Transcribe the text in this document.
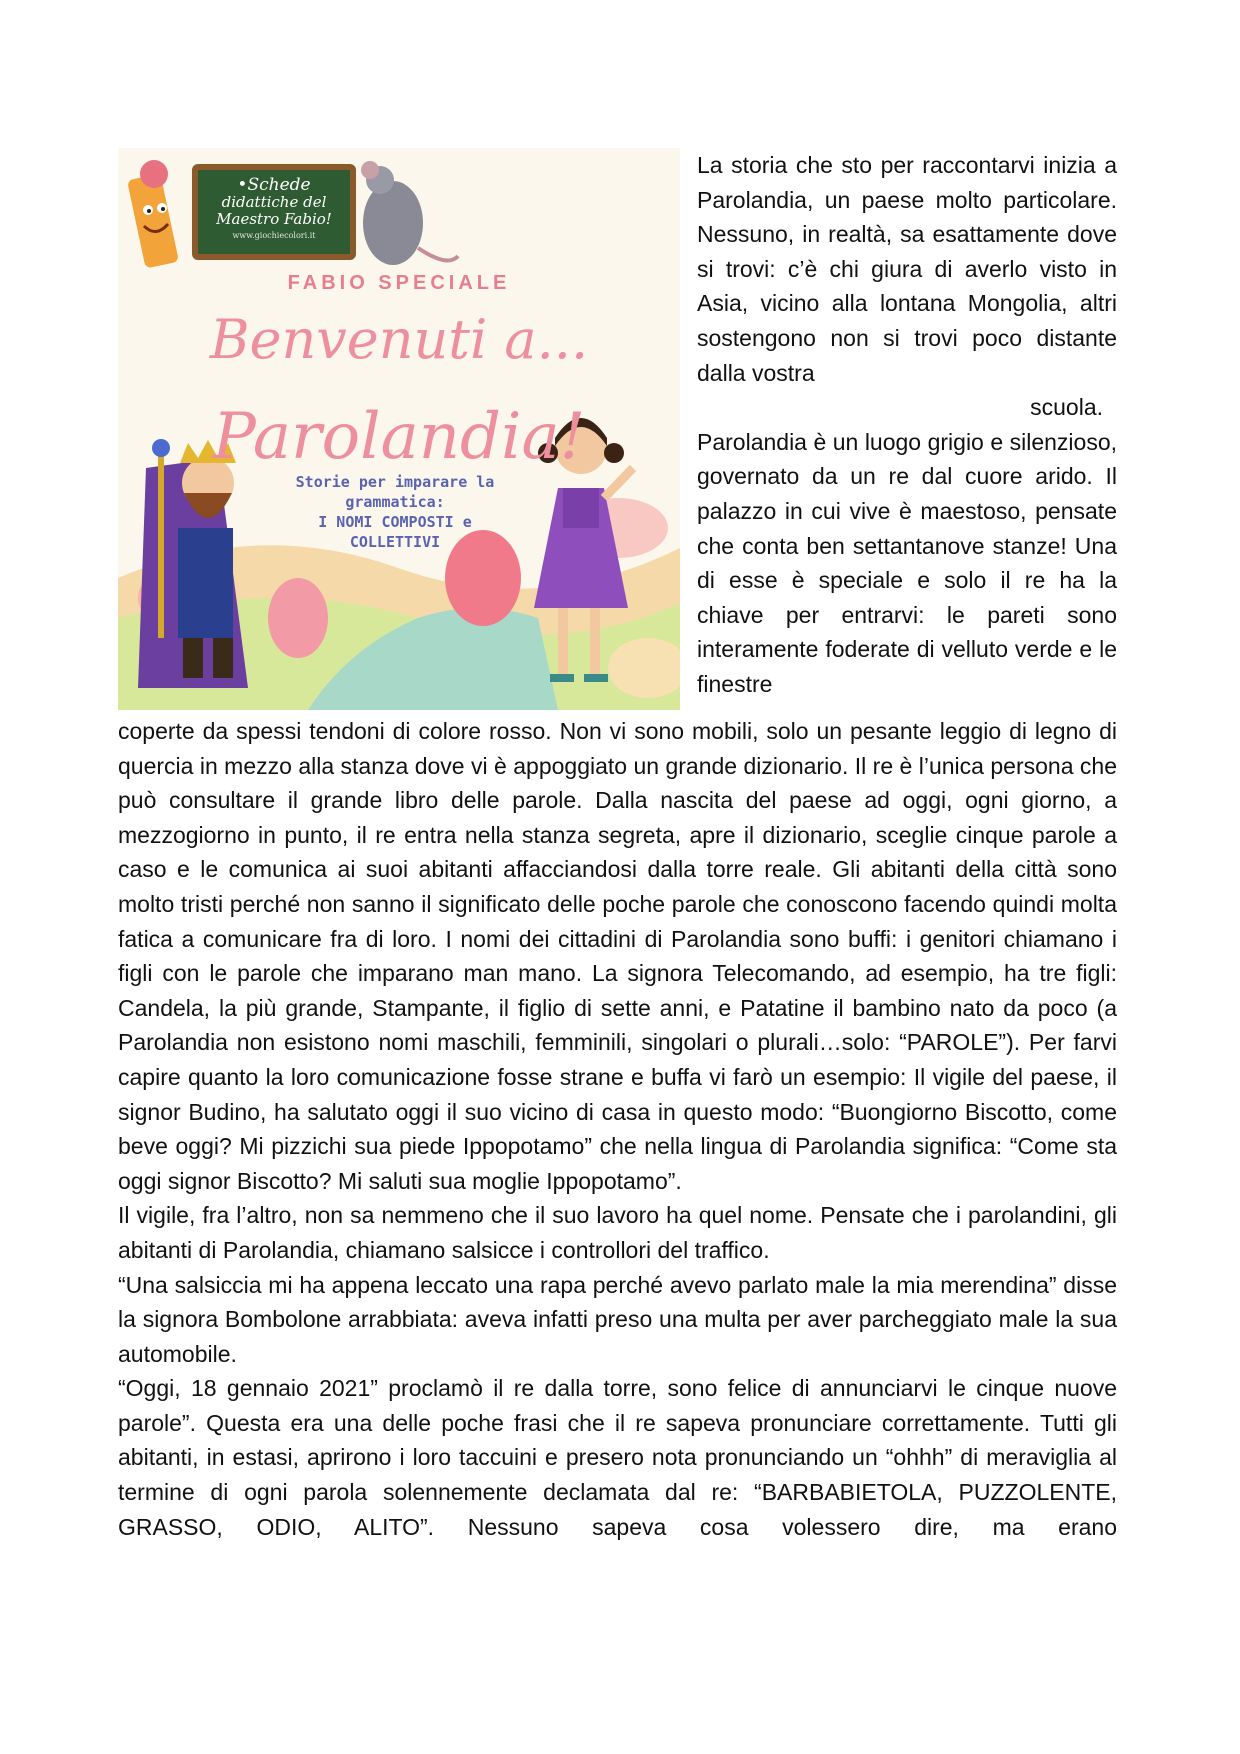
•Schede
didattiche del
Maestro Fabio!
www.giochiecolori.it
FABIO SPECIALE
Benvenuti a...
Parolandia!
Storie per imparare la
grammatica:
I NOMI COMPOSTI e
COLLETTIVI

La storia che sto per raccontarvi inizia a Parolandia, un paese molto particolare. Nessuno, in realtà, sa esattamente dove si trovi: c’è chi giura di averlo visto in Asia, vicino alla lontana Mongolia, altri sostengono non si trovi poco distante dalla vostra

scuola.

Parolandia è un luogo grigio e silenzioso, governato da un re dal cuore arido. Il palazzo in cui vive è maestoso, pensate che conta ben settantanove stanze! Una di esse è speciale e solo il re ha la chiave per entrarvi: le pareti sono interamente foderate di velluto verde e le finestre

coperte da spessi tendoni di colore rosso. Non vi sono mobili, solo un pesante leggio di legno di quercia in mezzo alla stanza dove vi è appoggiato un grande dizionario. Il re è l’unica persona che può consultare il grande libro delle parole. Dalla nascita del paese ad oggi, ogni giorno, a mezzogiorno in punto, il re entra nella stanza segreta, apre il dizionario, sceglie cinque parole a caso e le comunica ai suoi abitanti affacciandosi dalla torre reale. Gli abitanti della città sono molto tristi perché non sanno il significato delle poche parole che conoscono facendo quindi molta fatica a comunicare fra di loro. I nomi dei cittadini di Parolandia sono buffi: i genitori chiamano i figli con le parole che imparano man mano. La signora Telecomando, ad esempio, ha tre figli: Candela, la più grande, Stampante, il figlio di sette anni, e Patatine il bambino nato da poco (a Parolandia non esistono nomi maschili, femminili, singolari o plurali…solo: “PAROLE”). Per farvi capire quanto la loro comunicazione fosse strane e buffa vi farò un esempio: Il vigile del paese, il signor Budino, ha salutato oggi il suo vicino di casa in questo modo: “Buongiorno Biscotto, come beve oggi? Mi pizzichi sua piede Ippopotamo” che nella lingua di Parolandia significa: “Come sta oggi signor Biscotto? Mi saluti sua moglie Ippopotamo”.

Il vigile, fra l’altro, non sa nemmeno che il suo lavoro ha quel nome. Pensate che i parolandini, gli abitanti di Parolandia, chiamano salsicce i controllori del traffico.

“Una salsiccia mi ha appena leccato una rapa perché avevo parlato male la mia merendina” disse la signora Bombolone arrabbiata: aveva infatti preso una multa per aver parcheggiato male la sua automobile.

“Oggi, 18 gennaio 2021” proclamò il re dalla torre, sono felice di annunciarvi le cinque nuove parole”. Questa era una delle poche frasi che il re sapeva pronunciare correttamente. Tutti gli abitanti, in estasi, aprirono i loro taccuini e presero nota pronunciando un “ohhh” di meraviglia al termine di ogni parola solennemente declamata dal re: “BARBABIETOLA, PUZZOLENTE, GRASSO, ODIO, ALITO”. Nessuno sapeva cosa volessero dire, ma erano
